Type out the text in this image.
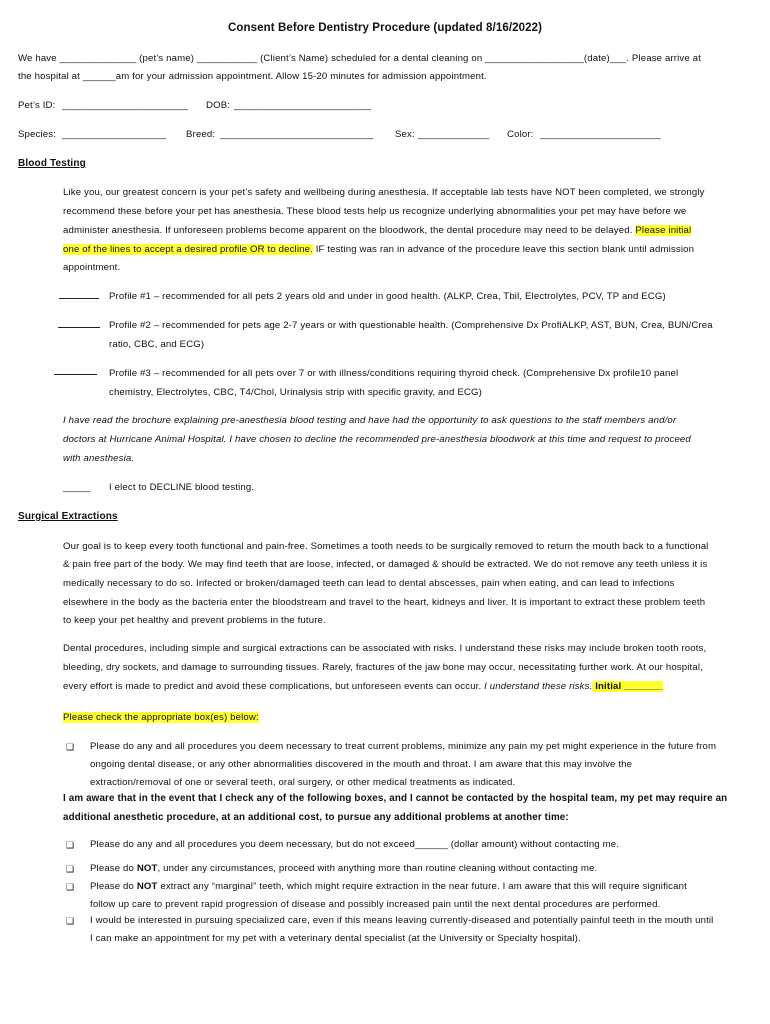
Consent Before Dentistry Procedure (updated 8/16/2022)
We have ______________ (pet’s name) ___________ (Client’s Name) scheduled for a dental cleaning on __________________(date)___. Please arrive at
the hospital at ______am for your admission appointment. Allow 15-20 minutes for admission appointment.
Pet’s ID: _______________________ DOB: _________________________
Species: ___________________ Breed: ____________________________ Sex: _____________ Color: ______________________
Blood Testing
Like you, our greatest concern is your pet’s safety and wellbeing during anesthesia. If acceptable lab tests have NOT been completed, we strongly
recommend these before your pet has anesthesia. These blood tests help us recognize underlying abnormalities your pet may have before we
administer anesthesia. If unforeseen problems become apparent on the bloodwork, the dental procedure may need to be delayed. Please initial
one of the lines to accept a desired profile OR to decline. IF testing was ran in advance of the procedure leave this section blank until admission
appointment.
Profile #1 – recommended for all pets 2 years old and under in good health. (ALKP, Crea, Tbil, Electrolytes, PCV, TP and ECG)
Profile #2 – recommended for pets age 2-7 years or with questionable health. (Comprehensive Dx ProfiALKP, AST, BUN, Crea, BUN/Crea
ratio, CBC, and ECG)
Profile #3 – recommended for all pets over 7 or with illness/conditions requiring thyroid check. (Comprehensive Dx profile10 panel
chemistry, Electrolytes, CBC, T4/Chol, Urinalysis strip with specific gravity, and ECG)
I have read the brochure explaining pre-anesthesia blood testing and have had the opportunity to ask questions to the staff members and/or
doctors at Hurricane Animal Hospital. I have chosen to decline the recommended pre-anesthesia bloodwork at this time and request to proceed
with anesthesia.
_____ I elect to DECLINE blood testing.
Surgical Extractions
Our goal is to keep every tooth functional and pain-free. Sometimes a tooth needs to be surgically removed to return the mouth back to a functional
& pain free part of the body. We may find teeth that are loose, infected, or damaged & should be extracted. We do not remove any teeth unless it is
medically necessary to do so. Infected or broken/damaged teeth can lead to dental abscesses, pain when eating, and can lead to infections
elsewhere in the body as the bacteria enter the bloodstream and travel to the heart, kidneys and liver. It is important to extract these problem teeth
to keep your pet healthy and prevent problems in the future.
Dental procedures, including simple and surgical extractions can be associated with risks. I understand these risks may include broken tooth roots,
bleeding, dry sockets, and damage to surrounding tissues. Rarely, fractures of the jaw bone may occur, necessitating further work. At our hospital,
every effort is made to predict and avoid these complications, but unforeseen events can occur. I understand these risks. Initial _______
Please check the appropriate box(es) below:
❑ Please do any and all procedures you deem necessary to treat current problems, minimize any pain my pet might experience in the future from
ongoing dental disease, or any other abnormalities discovered in the mouth and throat. I am aware that this may involve the
extraction/removal of one or several teeth, oral surgery, or other medical treatments as indicated.
I am aware that in the event that I check any of the following boxes, and I cannot be contacted by the hospital team, my pet may require an
additional anesthetic procedure, at an additional cost, to pursue any additional problems at another time:
❑ Please do any and all procedures you deem necessary, but do not exceed______ (dollar amount) without contacting me.
❑ Please do NOT, under any circumstances, proceed with anything more than routine cleaning without contacting me.
❑ Please do NOT extract any “marginal” teeth, which might require extraction in the near future. I am aware that this will require significant
follow up care to prevent rapid progression of disease and possibly increased pain until the next dental procedures are performed.
❑ I would be interested in pursuing specialized care, even if this means leaving currently-diseased and potentially painful teeth in the mouth until
I can make an appointment for my pet with a veterinary dental specialist (at the University or Specialty hospital).
